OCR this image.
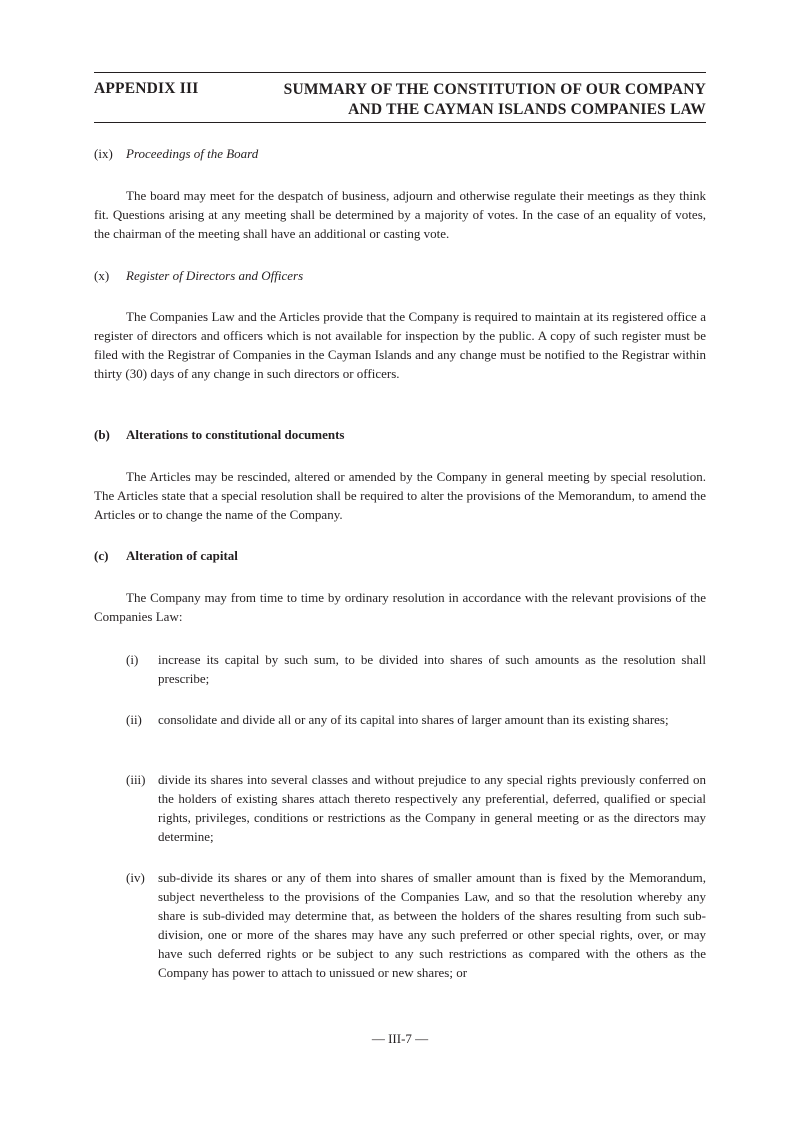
APPENDIX III	SUMMARY OF THE CONSTITUTION OF OUR COMPANY
AND THE CAYMAN ISLANDS COMPANIES LAW
(ix) Proceedings of the Board
The board may meet for the despatch of business, adjourn and otherwise regulate their meetings as they think fit. Questions arising at any meeting shall be determined by a majority of votes. In the case of an equality of votes, the chairman of the meeting shall have an additional or casting vote.
(x) Register of Directors and Officers
The Companies Law and the Articles provide that the Company is required to maintain at its registered office a register of directors and officers which is not available for inspection by the public. A copy of such register must be filed with the Registrar of Companies in the Cayman Islands and any change must be notified to the Registrar within thirty (30) days of any change in such directors or officers.
(b) Alterations to constitutional documents
The Articles may be rescinded, altered or amended by the Company in general meeting by special resolution. The Articles state that a special resolution shall be required to alter the provisions of the Memorandum, to amend the Articles or to change the name of the Company.
(c) Alteration of capital
The Company may from time to time by ordinary resolution in accordance with the relevant provisions of the Companies Law:
(i) increase its capital by such sum, to be divided into shares of such amounts as the resolution shall prescribe;
(ii) consolidate and divide all or any of its capital into shares of larger amount than its existing shares;
(iii) divide its shares into several classes and without prejudice to any special rights previously conferred on the holders of existing shares attach thereto respectively any preferential, deferred, qualified or special rights, privileges, conditions or restrictions as the Company in general meeting or as the directors may determine;
(iv) sub-divide its shares or any of them into shares of smaller amount than is fixed by the Memorandum, subject nevertheless to the provisions of the Companies Law, and so that the resolution whereby any share is sub-divided may determine that, as between the holders of the shares resulting from such sub-division, one or more of the shares may have any such preferred or other special rights, over, or may have such deferred rights or be subject to any such restrictions as compared with the others as the Company has power to attach to unissued or new shares; or
— III-7 —
